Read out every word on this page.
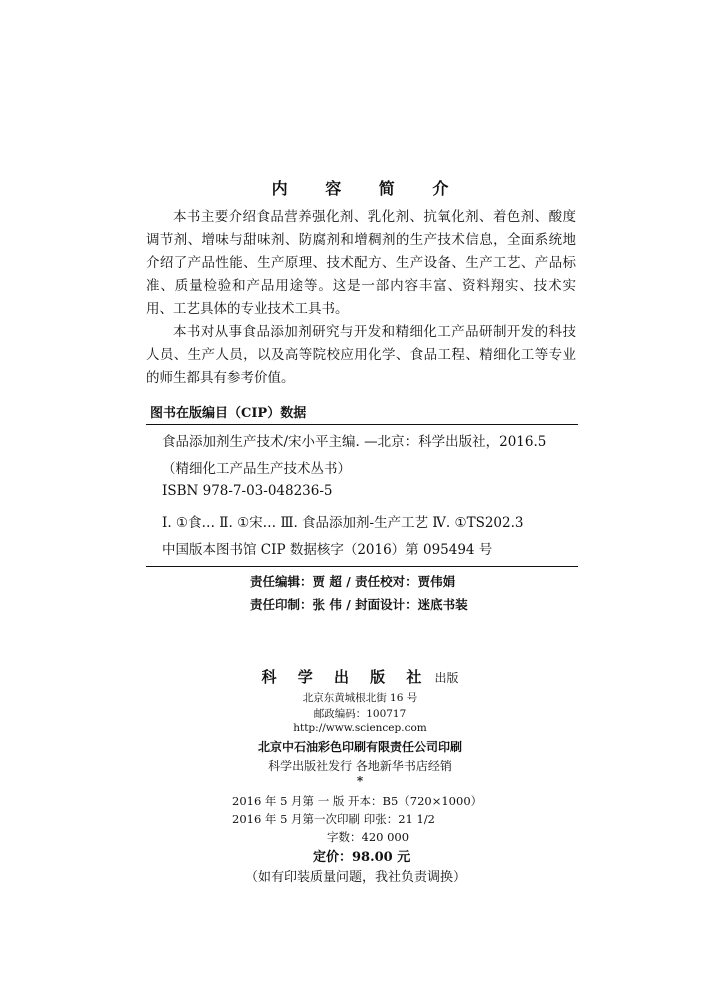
内 容 简 介

本书主要介绍食品营养强化剂、乳化剂、抗氧化剂、着色剂、酸度调节剂、增味与甜味剂、防腐剂和增稠剂的生产技术信息，全面系统地介绍了产品性能、生产原理、技术配方、生产设备、生产工艺、产品标准、质量检验和产品用途等。这是一部内容丰富、资料翔实、技术实用、工艺具体的专业技术工具书。

本书对从事食品添加剂研究与开发和精细化工产品研制开发的科技人员、生产人员，以及高等院校应用化学、食品工程、精细化工等专业的师生都具有参考价值。

图书在版编目（CIP）数据
食品添加剂生产技术/宋小平主编. —北京：科学出版社，2016.5
（精细化工产品生产技术丛书）
ISBN 978-7-03-048236-5
Ⅰ. ①食… Ⅱ. ①宋… Ⅲ. 食品添加剂-生产工艺 Ⅳ. ①TS202.3
中国版本图书馆 CIP 数据核字（2016）第 095494 号
责任编辑：贾 超 / 责任校对：贾伟娟
责任印制：张 伟 / 封面设计：迷底书装
科 学 出 版 社 出版
北京东黄城根北街 16 号
邮政编码：100717
http://www.sciencep.com
北京中石油彩色印刷有限责任公司印刷
科学出版社发行 各地新华书店经销
*
2016 年 5 月第 一 版 开本：B5（720×1000）
2016 年 5 月第一次印刷 印张：21 1/2
字数：420 000
定价：98.00 元
（如有印装质量问题，我社负责调换）
